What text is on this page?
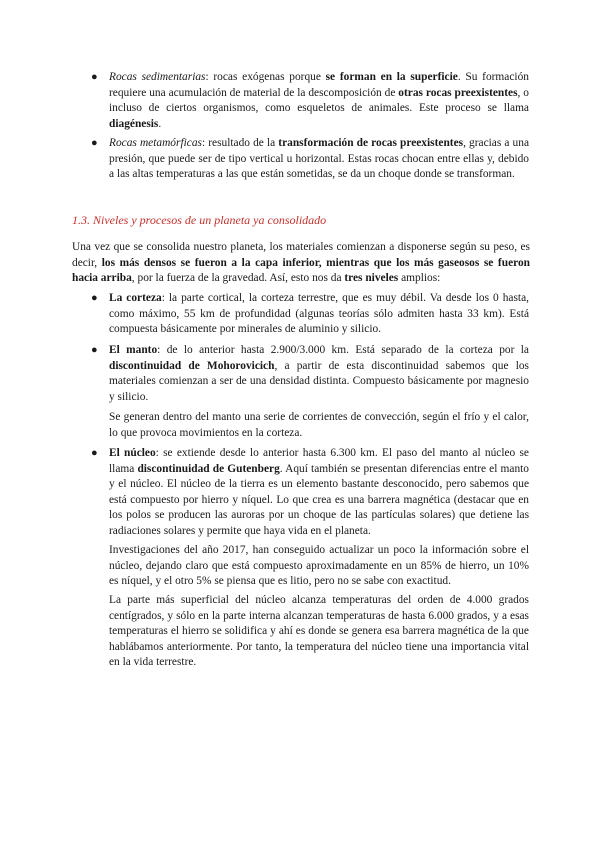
● Rocas sedimentarias: rocas exógenas porque se forman en la superficie. Su formación requiere una acumulación de material de la descomposición de otras rocas preexistentes, o incluso de ciertos organismos, como esqueletos de animales. Este proceso se llama diagénesis.
● Rocas metamórficas: resultado de la transformación de rocas preexistentes, gracias a una presión, que puede ser de tipo vertical u horizontal. Estas rocas chocan entre ellas y, debido a las altas temperaturas a las que están sometidas, se da un choque donde se transforman.
1.3. Niveles y procesos de un planeta ya consolidado
Una vez que se consolida nuestro planeta, los materiales comienzan a disponerse según su peso, es decir, los más densos se fueron a la capa inferior, mientras que los más gaseosos se fueron hacia arriba, por la fuerza de la gravedad. Así, esto nos da tres niveles amplios:
● La corteza: la parte cortical, la corteza terrestre, que es muy débil. Va desde los 0 hasta, como máximo, 55 km de profundidad (algunas teorías sólo admiten hasta 33 km). Está compuesta básicamente por minerales de aluminio y silicio.
● El manto: de lo anterior hasta 2.900/3.000 km. Está separado de la corteza por la discontinuidad de Mohorovicich, a partir de esta discontinuidad sabemos que los materiales comienzan a ser de una densidad distinta. Compuesto básicamente por magnesio y silicio.
Se generan dentro del manto una serie de corrientes de convección, según el frío y el calor, lo que provoca movimientos en la corteza.
● El núcleo: se extiende desde lo anterior hasta 6.300 km. El paso del manto al núcleo se llama discontinuidad de Gutenberg. Aquí también se presentan diferencias entre el manto y el núcleo. El núcleo de la tierra es un elemento bastante desconocido, pero sabemos que está compuesto por hierro y níquel. Lo que crea es una barrera magnética (destacar que en los polos se producen las auroras por un choque de las partículas solares) que detiene las radiaciones solares y permite que haya vida en el planeta.
Investigaciones del año 2017, han conseguido actualizar un poco la información sobre el núcleo, dejando claro que está compuesto aproximadamente en un 85% de hierro, un 10% es níquel, y el otro 5% se piensa que es litio, pero no se sabe con exactitud.
La parte más superficial del núcleo alcanza temperaturas del orden de 4.000 grados centígrados, y sólo en la parte interna alcanzan temperaturas de hasta 6.000 grados, y a esas temperaturas el hierro se solidifica y ahí es donde se genera esa barrera magnética de la que hablábamos anteriormente. Por tanto, la temperatura del núcleo tiene una importancia vital en la vida terrestre.
